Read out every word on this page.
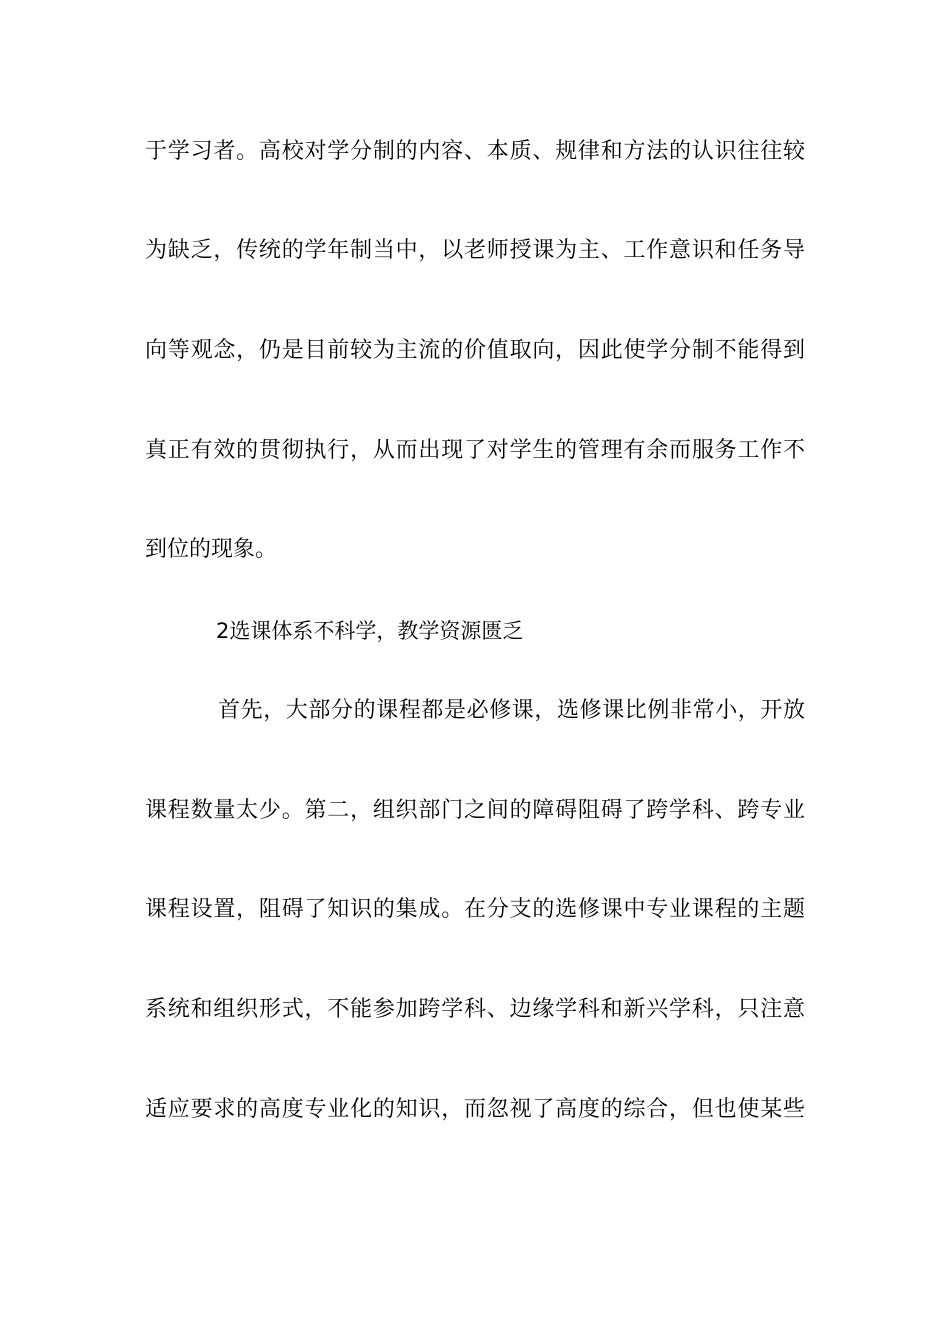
于学习者。高校对学分制的内容、本质、规律和方法的认识往往较
为缺乏，传统的学年制当中，以老师授课为主、工作意识和任务导
向等观念，仍是目前较为主流的价值取向，因此使学分制不能得到
真正有效的贯彻执行，从而出现了对学生的管理有余而服务工作不
到位的现象。
2选课体系不科学，教学资源匮乏
首先，大部分的课程都是必修课，选修课比例非常小，开放
课程数量太少。第二，组织部门之间的障碍阻碍了跨学科、跨专业
课程设置，阻碍了知识的集成。在分支的选修课中专业课程的主题
系统和组织形式，不能参加跨学科、边缘学科和新兴学科，只注意
适应要求的高度专业化的知识，而忽视了高度的综合，但也使某些
